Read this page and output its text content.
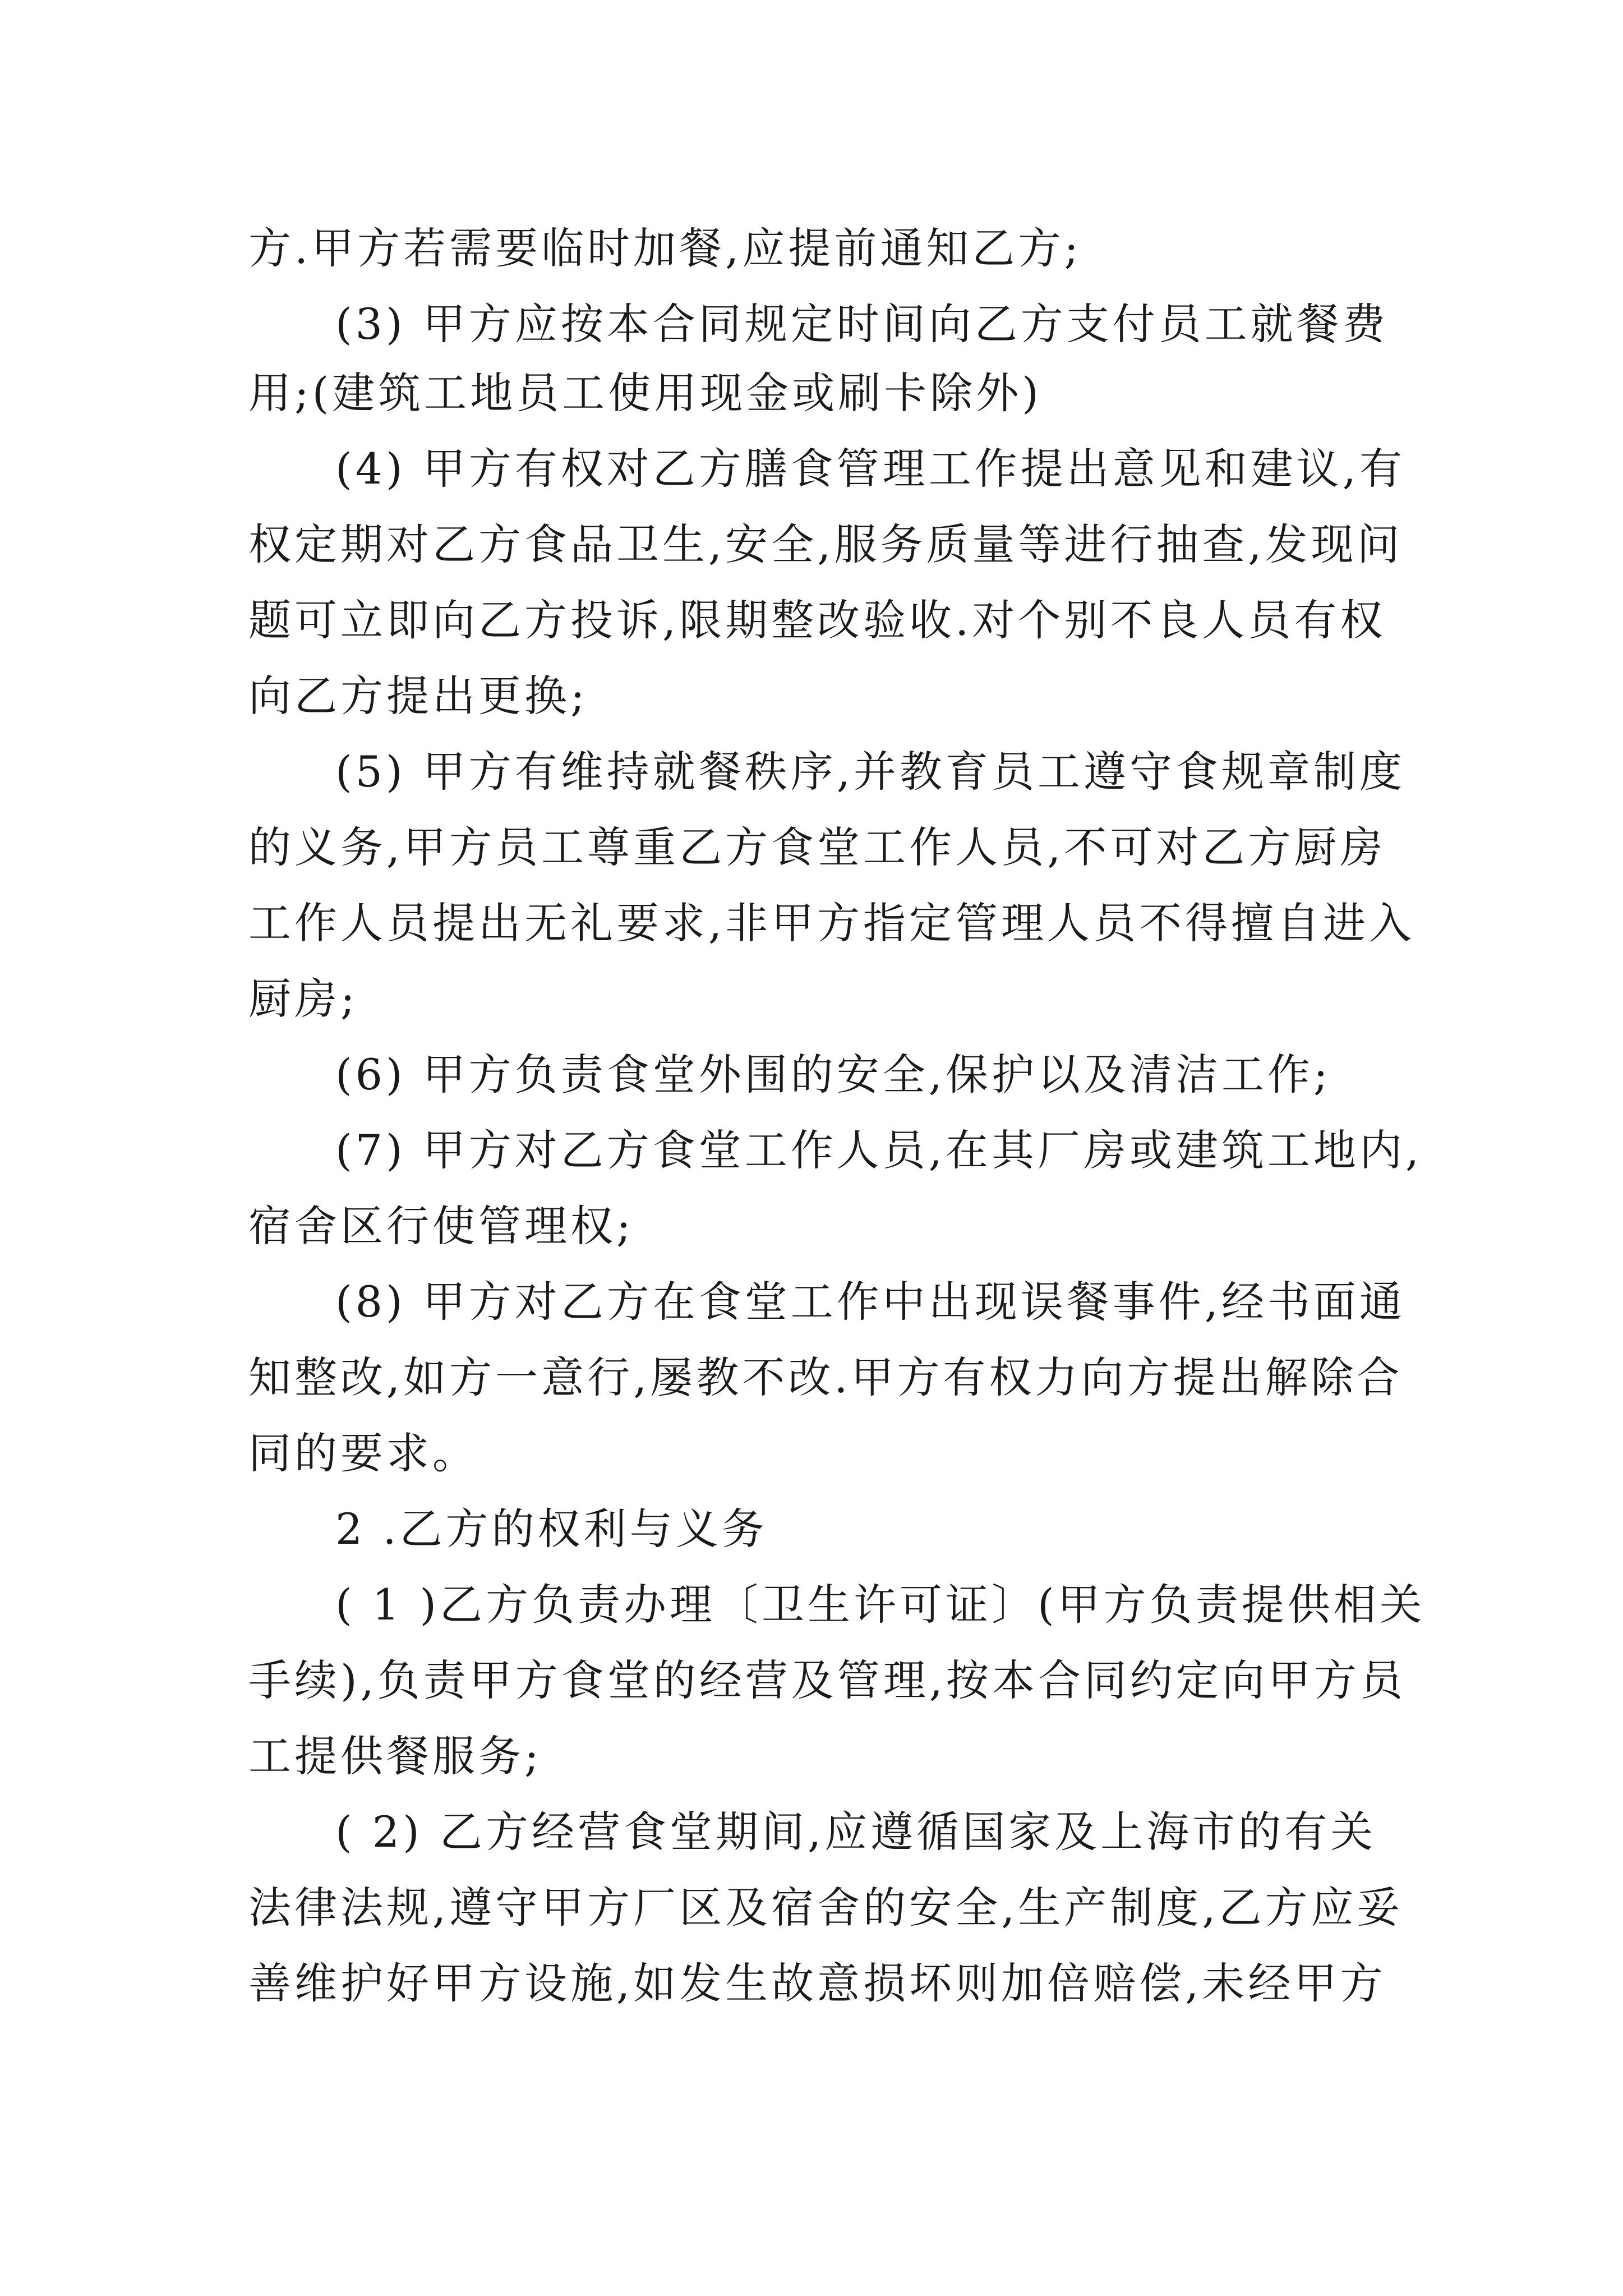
方.甲方若需要临时加餐,应提前通知乙方;

(3) 甲方应按本合同规定时间向乙方支付员工就餐费

用;(建筑工地员工使用现金或刷卡除外)

(4) 甲方有权对乙方膳食管理工作提出意见和建议,有

权定期对乙方食品卫生,安全,服务质量等进行抽查,发现问

题可立即向乙方投诉,限期整改验收.对个别不良人员有权

向乙方提出更换;

(5) 甲方有维持就餐秩序,并教育员工遵守食规章制度

的义务,甲方员工尊重乙方食堂工作人员,不可对乙方厨房

工作人员提出无礼要求,非甲方指定管理人员不得擅自进入

厨房;

(6) 甲方负责食堂外围的安全,保护以及清洁工作;

(7) 甲方对乙方食堂工作人员,在其厂房或建筑工地内,

宿舍区行使管理权;

(8) 甲方对乙方在食堂工作中出现误餐事件,经书面通

知整改,如方一意行,屡教不改.甲方有权力向方提出解除合

同的要求。

2 .乙方的权利与义务

( 1 )乙方负责办理〔卫生许可证〕(甲方负责提供相关

手续),负责甲方食堂的经营及管理,按本合同约定向甲方员

工提供餐服务;

( 2) 乙方经营食堂期间,应遵循国家及上海市的有关

法律法规,遵守甲方厂区及宿舍的安全,生产制度,乙方应妥

善维护好甲方设施,如发生故意损坏则加倍赔偿,未经甲方
